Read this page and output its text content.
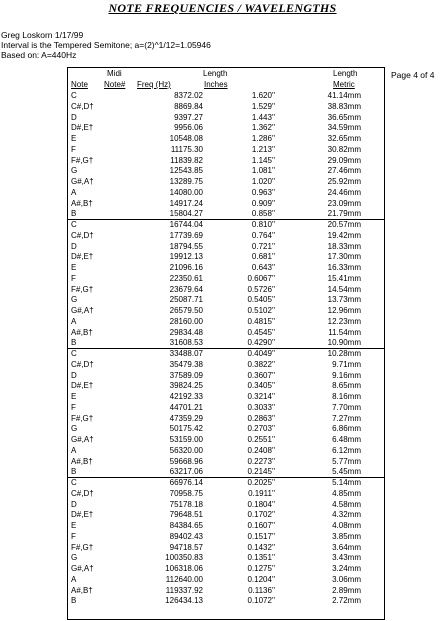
NOTE FREQUENCIES / WAVELENGTHS
Greg Loskorn 1/17/99
Interval is the Tempered Semitone; a=(2)^1/12=1.05946
Based on: A=440Hz
Page 4 of 4
Midi	Length	Length
Note Note# Freq (Hz)	Inches	Metric
C	8372.02	1.620''	41.14mm
C#,D†	8869.84	1.529''	38.83mm
D	9397.27	1.443''	36.65mm
D#,E†	9956.06	1.362''	34.59mm
E	10548.08	1.286''	32.65mm
F	11175.30	1.213''	30.82mm
F#,G†	11839.82	1.145''	29.09mm
G	12543.85	1.081''	27.46mm
G#,A†	13289.75	1.020''	25.92mm
A	14080.00	0.963''	24.46mm
A#,B†	14917.24	0.909''	23.09mm
B	15804.27	0.858''	21.79mm
C	16744.04	0.810''	20.57mm
C#,D†	17739.69	0.764''	19.42mm
D	18794.55	0.721''	18.33mm
D#,E†	19912.13	0.681''	17.30mm
E	21096.16	0.643''	16.33mm
F	22350.61	0.6067''	15.41mm
F#,G†	23679.64	0.5726''	14.54mm
G	25087.71	0.5405''	13.73mm
G#,A†	26579.50	0.5102''	12.96mm
A	28160.00	0.4815''	12.23mm
A#,B†	29834.48	0.4545''	11.54mm
B	31608.53	0.4290''	10.90mm
C	33488.07	0.4049''	10.28mm
C#,D†	35479.38	0.3822''	9.71mm
D	37589.09	0.3607''	9.16mm
D#,E†	39824.25	0.3405''	8.65mm
E	42192.33	0.3214''	8.16mm
F	44701.21	0.3033''	7.70mm
F#,G†	47359.29	0.2863''	7.27mm
G	50175.42	0.2703''	6.86mm
G#,A†	53159.00	0.2551''	6.48mm
A	56320.00	0.2408''	6.12mm
A#,B†	59668.96	0.2273''	5.77mm
B	63217.06	0.2145''	5.45mm
C	66976.14	0.2025''	5.14mm
C#,D†	70958.75	0.1911''	4.85mm
D	75178.18	0.1804''	4.58mm
D#,E†	79648.51	0.1702''	4.32mm
E	84384.65	0.1607''	4.08mm
F	89402.43	0.1517''	3.85mm
F#,G†	94718.57	0.1432''	3.64mm
G	100350.83	0.1351''	3.43mm
G#,A†	106318.06	0.1275''	3.24mm
A	112640.00	0.1204''	3.06mm
A#,B†	119337.92	0.1136''	2.89mm
B	126434.13	0.1072''	2.72mm
